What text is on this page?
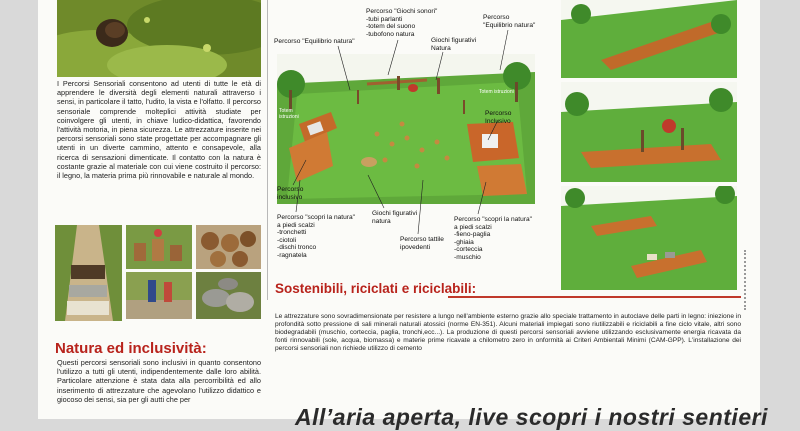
I Percorsi Sensoriali consentono ad utenti di tutte le età di apprendere le diversità degli elementi naturali attraverso i sensi, in particolare il tatto, l'udito, la vista e l'olfatto. Il percorso sensoriale comprende molteplici attività studiate per coinvolgere gli utenti, in chiave ludico-didattica, favorendo l'attività motoria, in piena sicurezza. Le attrezzature inserite nei percorsi sensoriali sono state progettate per accompagnare gli utenti in un diverte cammino, attento e consapevole, alla ricerca di sensazioni dimenticate. Il contatto con la natura è costante grazie al materiale con cui viene costruito il percorso: il legno, la materia prima più rinnovabile e naturale al mondo.
Natura ed inclusività:
Questi percorsi sensoriali sono inclusivi in quanto consentono l'utilizzo a tutti gli utenti, indipendentemente dalle loro abilità. Particolare attenzione è stata data alla percorribilità ed allo inserimento di attrezzature che agevolano l'utilizzo didattico e giocoso dei sensi, sia per gli autti che per
Percorso "Equilibrio natura"
Percorso "Giochi sonori"
-tubi parlanti
-totem del suono
-tubofono natura
Giochi figurativi
Natura
Percorso
"Equilibrio natura"
Totem
istruzioni
Totem istruzioni
Percorso
Inclusivo
Percorso
inclusivo
Giochi figurativi
natura
Percorso "scopri la natura"
a piedi scalzi
-tronchetti
-ciotoli
-dischi tronco
-ragnatela
Percorso tattile
ipovedenti
Percorso "scopri la natura"
a piedi scalzi
-fieno-paglia
-ghiaia
-corteccia
-muschio
Sostenibili, riciclati e riciclabili:
Le attrezzature sono sovradimensionate per resistere a lungo nell'ambiente esterno grazie allo speciale trattamento in autoclave delle parti in legno: iniezione in profondità sotto pressione di sali minerali naturali atossici (norme EN-351). Alcuni materiali impiegati sono riutilizzabili e riciclabili a fine ciclo vitale, altri sono biodegradabili (muschio, corteccia, paglia, tronchi,ecc...). La produzione di questi percorsi sensoriali avviene utilizzando esclusivamente energia ricavata da fonti rinnovabili (sole, acqua, biomassa) e materie prime ricavate a chilometro zero in onformità ai Criteri Ambientali Minimi (CAM-GPP). L'installazione dei percorsi sensoriali non richiede utilizzo di cemento
All’aria aperta, live scopri i nostri sentieri
